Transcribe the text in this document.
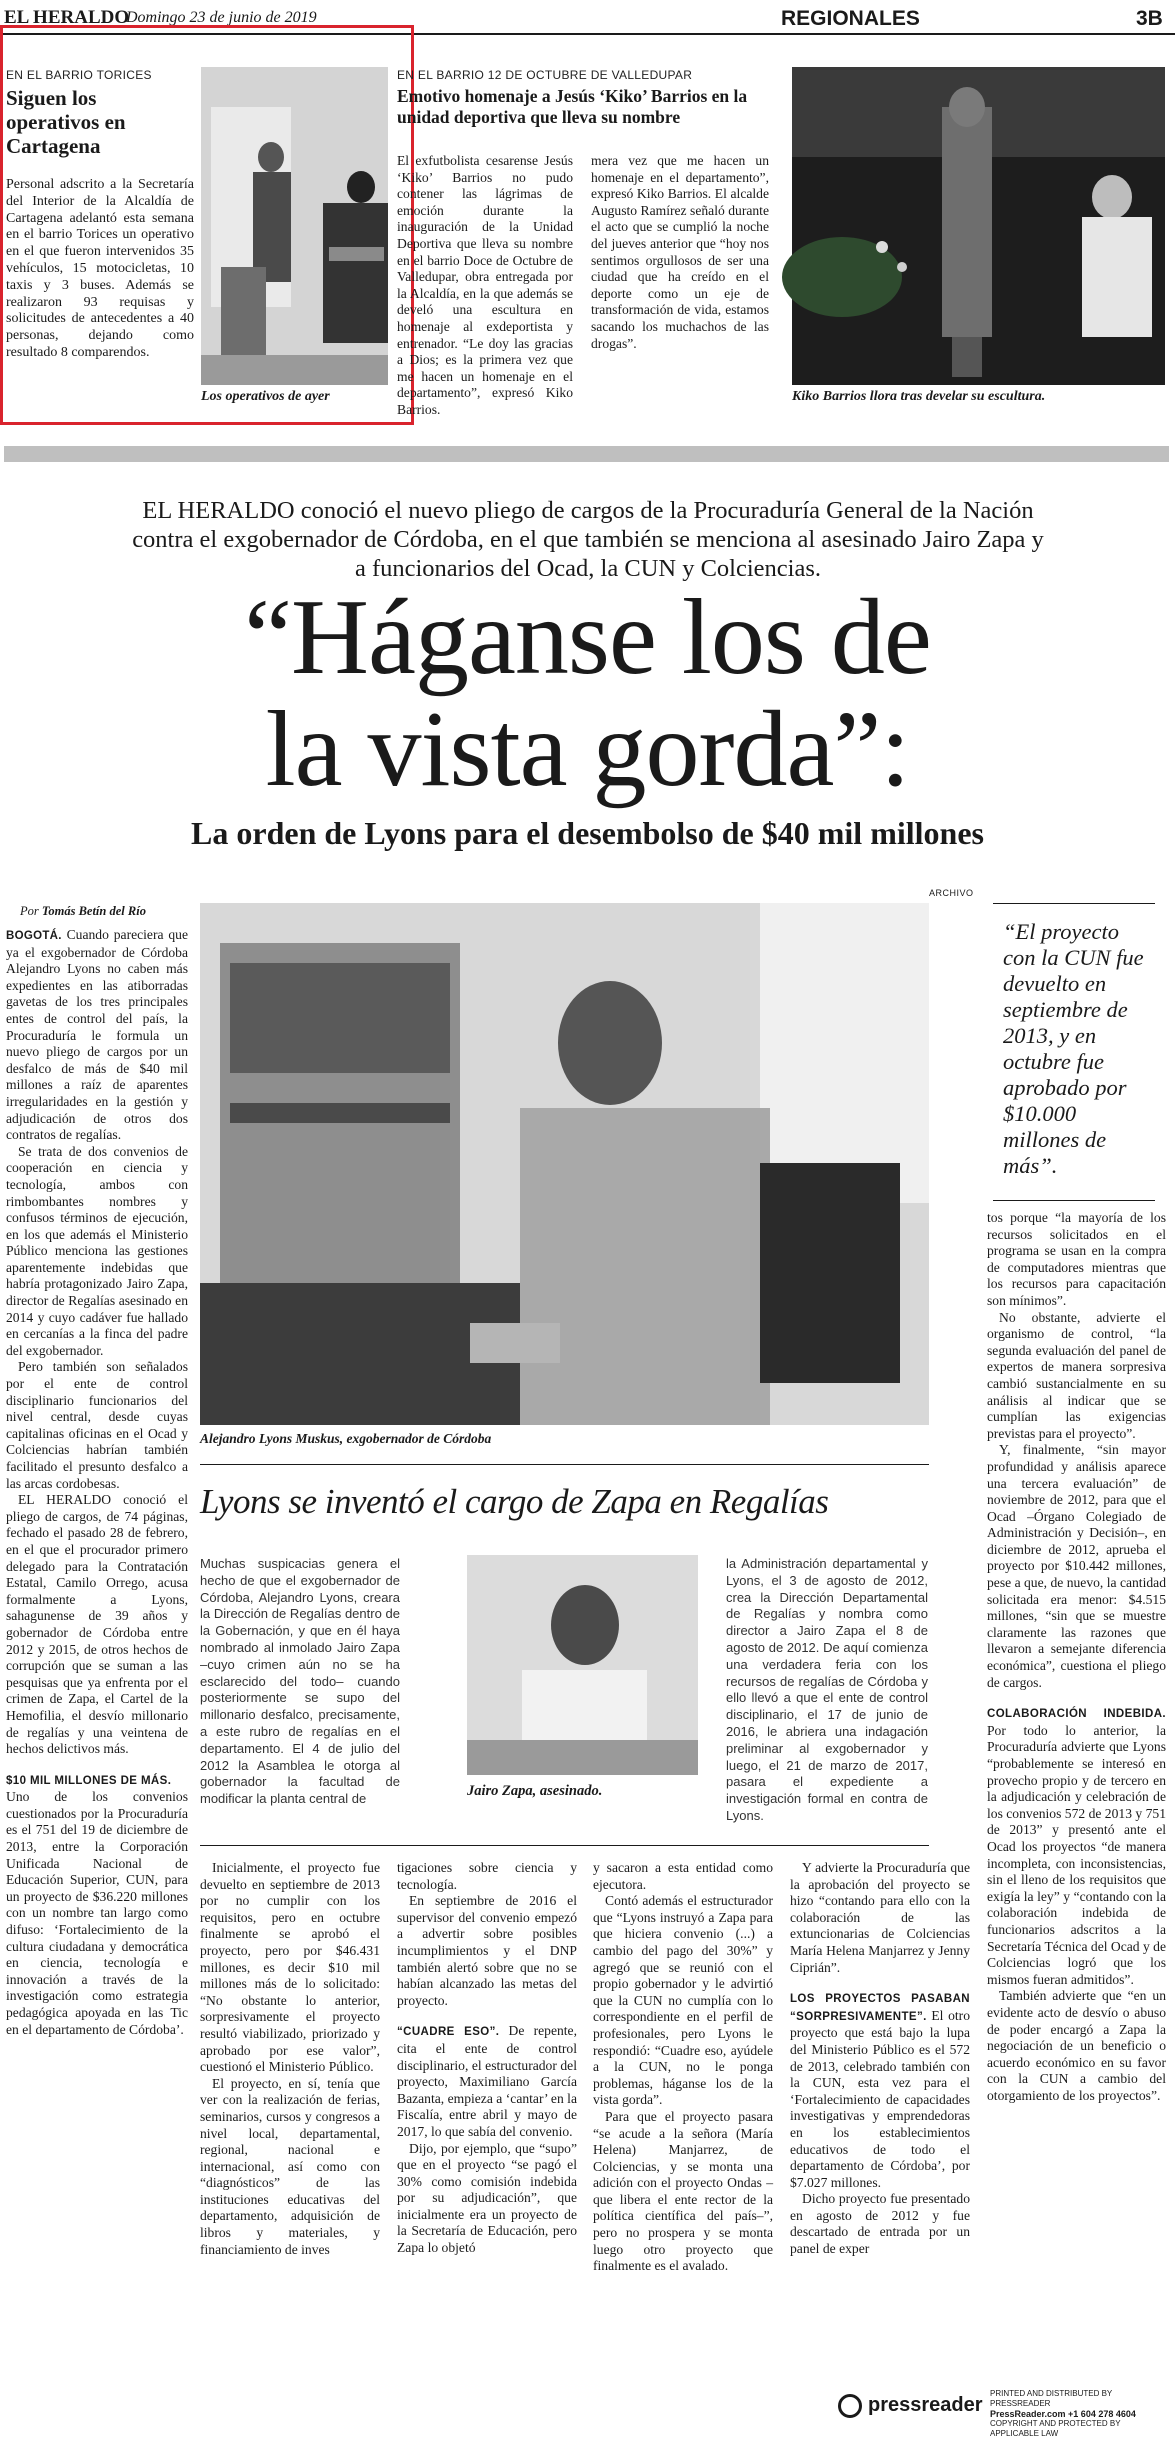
EL HERALDO
Domingo 23 de junio de 2019	REGIONALES	3B
EN EL BARRIO TORICES
Siguen los operativos en Cartagena

Personal adscrito a la Secretaría del Interior de la Alcaldía de Cartagena adelantó esta semana en el barrio Torices un operativo en el que fueron intervenidos 35 vehículos, 15 motocicletas, 10 taxis y 3 buses. Además se realizaron 93 requisas y solicitudes de antecedentes a 40 personas, dejando como resultado 8 comparendos.

Los operativos de ayer
EN EL BARRIO 12 DE OCTUBRE DE VALLEDUPAR
Emotivo homenaje a Jesús ‘Kiko’ Barrios en la unidad deportiva que lleva su nombre

El exfutbolista cesarense Jesús ‘Kiko’ Barrios no pudo contener las lágrimas de emoción durante la inauguración de la Unidad Deportiva que lleva su nombre en el barrio Doce de Octubre de Valledupar, obra entregada por la Alcaldía, en la que además se develó una escultura en homenaje al exdeportista y entrenador. “Le doy las gracias a Dios; es la primera vez que me hacen un homenaje en el departamento”, expresó Kiko Barrios.

mera vez que me hacen un homenaje en el departamento”, expresó Kiko Barrios. El alcalde Augusto Ramírez señaló durante el acto que se cumplió la noche del jueves anterior que “hoy nos sentimos orgullosos de ser una ciudad que ha creído en el deporte como un eje de transformación de vida, estamos sacando los muchachos de las drogas”.

Kiko Barrios llora tras develar su escultura.
EL HERALDO conoció el nuevo pliego de cargos de la Procuraduría General de la Nación contra el exgobernador de Córdoba, en el que también se menciona al asesinado Jairo Zapa y a funcionarios del Ocad, la CUN y Colciencias.
“Háganse los de
la vista gorda”:
La orden de Lyons para el desembolso de $40 mil millones
Por Tomás Betín del Río
ARCHIVO

BOGOTÁ. Cuando pareciera que ya el exgobernador de Córdoba Alejandro Lyons no caben más expedientes en las atiborradas gavetas de los tres principales entes de control del país, la Procuraduría le formula un nuevo pliego de cargos por un desfalco de más de $40 mil millones a raíz de aparentes irregularidades en la gestión y adjudicación de otros dos contratos de regalías.

Se trata de dos convenios de cooperación en ciencia y tecnología, ambos con rimbombantes nombres y confusos términos de ejecución, en los que además el Ministerio Público menciona las gestiones aparentemente indebidas que habría protagonizado Jairo Zapa, director de Regalías asesinado en 2014 y cuyo cadáver fue hallado en cercanías a la finca del padre del exgobernador.

Pero también son señalados por el ente de control disciplinario funcionarios del nivel central, desde cuyas capitalinas oficinas en el Ocad y Colciencias habrían también facilitado el presunto desfalco a las arcas cordobesas.

EL HERALDO conoció el pliego de cargos, de 74 páginas, fechado el pasado 28 de febrero, en el que el procurador primero delegado para la Contratación Estatal, Camilo Orrego, acusa formalmente a Lyons, sahagunense de 39 años y gobernador de Córdoba entre 2012 y 2015, de otros hechos de corrupción que se suman a las pesquisas que ya enfrenta por el crimen de Zapa, el Cartel de la Hemofilia, el desvío millonario de regalías y una veintena de hechos delictivos más.

$10 MIL MILLONES DE MÁS.

Uno de los convenios cuestionados por la Procuraduría es el 751 del 19 de diciembre de 2013, entre la Corporación Unificada Nacional de Educación Superior, CUN, para un proyecto de $36.220 millones con un nombre tan largo como difuso: ‘Fortalecimiento de la cultura ciudadana y democrática en ciencia, tecnología e innovación a través de la investigación como estrategia pedagógica apoyada en las Tic en el departamento de Córdoba’.

Alejandro Lyons Muskus, exgobernador de Córdoba
“El proyecto con la CUN fue devuelto en septiembre de 2013, y en octubre fue aprobado por $10.000 millones de más”.

tos porque “la mayoría de los recursos solicitados en el programa se usan en la compra de computadores mientras que los recursos para capacitación son mínimos”.

No obstante, advierte el organismo de control, “la segunda evaluación del panel de expertos de manera sorpresiva cambió sustancialmente en su análisis al indicar que se cumplían las exigencias previstas para el proyecto”.

Y, finalmente, “sin mayor profundidad y análisis aparece una tercera evaluación” de noviembre de 2012, para que el Ocad –Órgano Colegiado de Administración y Decisión–, en diciembre de 2012, aprueba el proyecto por $10.442 millones, pese a que, de nuevo, la cantidad solicitada era menor: $4.515 millones, “sin que se muestre claramente las razones que llevaron a semejante diferencia económica”, cuestiona el pliego de cargos.

COLABORACIÓN INDEBIDA. Por todo lo anterior, la Procuraduría advierte que Lyons “probablemente se interesó en provecho propio y de tercero en la adjudicación y celebración de los convenios 572 de 2013 y 751 de 2013” y presentó ante el Ocad los proyectos “de manera incompleta, con inconsistencias, sin el lleno de los requisitos que exigía la ley” y “contando con la colaboración indebida de funcionarios adscritos a la Secretaría Técnica del Ocad y de Colciencias logró que los mismos fueran admitidos”.

También advierte que “en un evidente acto de desvío o abuso de poder encargó a Zapa la negociación de un beneficio o acuerdo económico en su favor con la CUN a cambio del otorgamiento de los proyectos”.

Lyons se inventó el cargo de Zapa en Regalías
Muchas suspicacias genera el hecho de que el exgobernador de Córdoba, Alejandro Lyons, creara la Dirección de Regalías dentro de la Gobernación, y que en él haya nombrado al inmolado Jairo Zapa –cuyo crimen aún no se ha esclarecido del todo– cuando posteriormente se supo del millonario desfalco, precisamente, a este rubro de regalías en el departamento. El 4 de julio del 2012 la Asamblea le otorga al gobernador la facultad de modificar la planta central de	Jairo Zapa, asesinado.
la Administración departamental y Lyons, el 3 de agosto de 2012, crea la Dirección Departamental de Regalías y nombra como director a Jairo Zapa el 8 de agosto de 2012. De aquí comienza una verdadera feria con los recursos de regalías de Córdoba y ello llevó a que el ente de control disciplinario, el 17 de junio de 2016, le abriera una indagación preliminar al exgobernador y luego, el 21 de marzo de 2017, pasara el expediente a investigación formal en contra de Lyons.

Inicialmente, el proyecto fue devuelto en septiembre de 2013 por no cumplir con los requisitos, pero en octubre finalmente se aprobó el proyecto, pero por $46.431 millones, es decir $10 mil millones más de lo solicitado: “No obstante lo anterior, sorpresivamente el proyecto resultó viabilizado, priorizado y aprobado por ese valor”, cuestionó el Ministerio Público.

El proyecto, en sí, tenía que ver con la realización de ferias, seminarios, cursos y congresos a nivel local, departamental, regional, nacional e internacional, así como con “diagnósticos” de las instituciones educativas del departamento, adquisición de libros y materiales, y financiamiento de inves

tigaciones sobre ciencia y tecnología.

En septiembre de 2016 el supervisor del convenio empezó a advertir sobre posibles incumplimientos y el DNP también alertó sobre que no se habían alcanzado las metas del proyecto.

“CUADRE ESO”. De repente, cita el ente de control disciplinario, el estructurador del proyecto, Maximiliano García Bazanta, empieza a ‘cantar’ en la Fiscalía, entre abril y mayo de 2017, lo que sabía del convenio.

Dijo, por ejemplo, que “supo” que en el proyecto “se pagó el 30% como comisión indebida por su adjudicación”, que inicialmente era un proyecto de la Secretaría de Educación, pero Zapa lo objetó

y sacaron a esta entidad como ejecutora.

Contó además el estructurador que “Lyons instruyó a Zapa para que hiciera convenio (...) a cambio del pago del 30%” y agregó que se reunió con el propio gobernador y le advirtió que la CUN no cumplía con lo correspondiente en el perfil de profesionales, pero Lyons le respondió: “Cuadre eso, ayúdele a la CUN, no le ponga problemas, háganse los de la vista gorda”.

Para que el proyecto pasara “se acude a la señora (María Helena) Manjarrez, de Colciencias, y se monta una adición con el proyecto Ondas –que libera el ente rector de la política científica del país–”, pero no prospera y se monta luego otro proyecto que finalmente es el avalado.

Y advierte la Procuraduría que la aprobación del proyecto se hizo “contando para ello con la colaboración de las extuncionarias de Colciencias María Helena Manjarrez y Jenny Ciprián”.

LOS PROYECTOS PASABAN “SORPRESIVAMENTE”. El otro proyecto que está bajo la lupa del Ministerio Público es el 572 de 2013, celebrado también con la CUN, esta vez para el ‘Fortalecimiento de capacidades investigativas y emprendedoras en los establecimientos educativos de todo el departamento de Córdoba’, por $7.027 millones.

Dicho proyecto fue presentado en agosto de 2012 y fue descartado de entrada por un panel de exper

pressreader
PRINTED AND DISTRIBUTED BY PRESSREADER
PressReader.com +1 604 278 4604
COPYRIGHT AND PROTECTED BY APPLICABLE LAW
